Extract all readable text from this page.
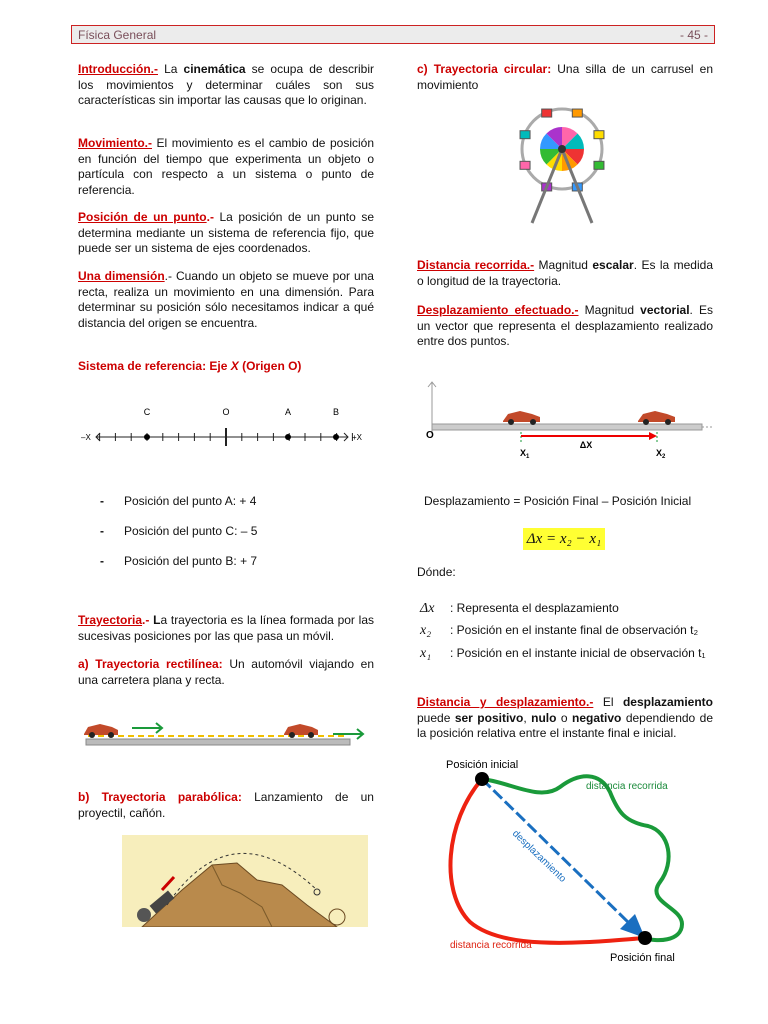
Física General	- 45 -
Introducción.- La cinemática se ocupa de describir los movimientos y determinar cuáles son sus características sin importar las causas que lo originan.
Movimiento.- El movimiento es el cambio de posición en función del tiempo que experimenta un objeto o partícula con respecto a un sistema o punto de referencia.
Posición de un punto.- La posición de un punto se determina mediante un sistema de referencia fijo, que puede ser un sistema de ejes coordenados.
Una dimensión.- Cuando un objeto se mueve por una recta, realiza un movimiento en una dimensión. Para determinar su posición sólo necesitamos indicar a qué distancia del origen se encuentra.
Sistema de referencia: Eje X (Origen O)
C	O	A	B
–X	+X
- Posición del punto A: + 4
- Posición del punto C: – 5
- Posición del punto B: + 7
Trayectoria.- La trayectoria es la línea formada por las sucesivas posiciones por las que pasa un móvil.
a) Trayectoria rectilínea: Un automóvil viajando en una carretera plana y recta.
b) Trayectoria parabólica: Lanzamiento de un proyectil, cañón.
c) Trayectoria circular: Una silla de un carrusel en movimiento
Distancia recorrida.- Magnitud escalar. Es la medida o longitud de la trayectoria.
Desplazamiento efectuado.- Magnitud vectorial. Es un vector que representa el desplazamiento realizado entre dos puntos.
O
$X_1$	$X_2$
ΔX
Desplazamiento = Posición Final – Posición Inicial
Δx = x₂ − x₁
Dónde:
Δx : Representa el desplazamiento
x₂ : Posición en el instante final de observación t₂
x₁ : Posición en el instante inicial de observación t₁
Distancia y desplazamiento.- El desplazamiento puede ser positivo, nulo o negativo dependiendo de la posición relativa entre el instante final e inicial.
Posición inicial
Posición final
distancia recorrida
distancia recorrida
desplazamiento
